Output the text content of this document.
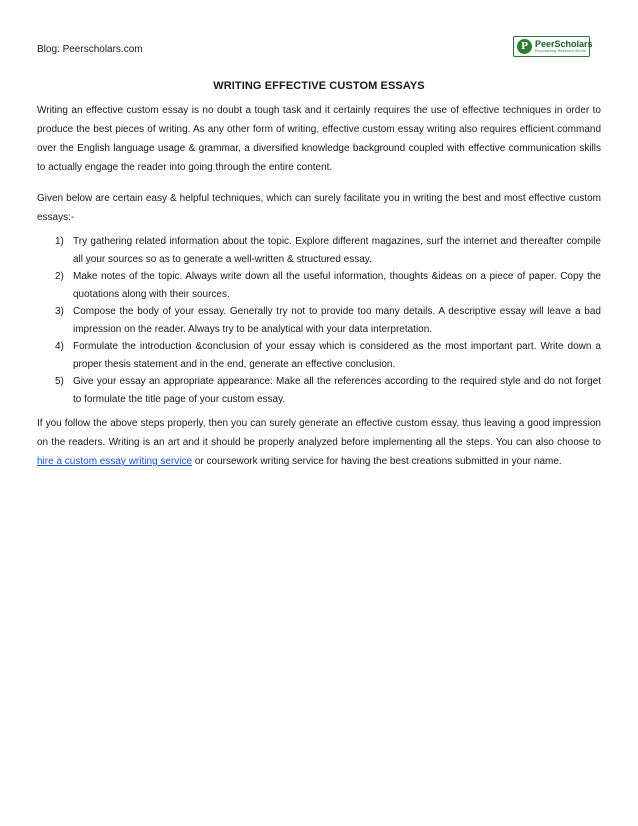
Blog: Peerscholars.com	P PeerScholars
Empowering Research Minds
WRITING EFFECTIVE CUSTOM ESSAYS

Writing an effective custom essay is no doubt a tough task and it certainly requires the use of effective techniques in order to produce the best pieces of writing. As any other form of writing, effective custom essay writing also requires efficient command over the English language usage & grammar, a diversified knowledge background coupled with effective communication skills to actually engage the reader into going through the entire content.

Given below are certain easy & helpful techniques, which can surely facilitate you in writing the best and most effective custom essays:-

1) Try gathering related information about the topic. Explore different magazines, surf the internet and thereafter compile all your sources so as to generate a well-written & structured essay.
2) Make notes of the topic. Always write down all the useful information, thoughts &ideas on a piece of paper. Copy the quotations along with their sources.
3) Compose the body of your essay. Generally try not to provide too many details. A descriptive essay will leave a bad impression on the reader. Always try to be analytical with your data interpretation.
4) Formulate the introduction &conclusion of your essay which is considered as the most important part. Write down a proper thesis statement and in the end, generate an effective conclusion.
5) Give your essay an appropriate appearance: Make all the references according to the required style and do not forget to formulate the title page of your custom essay.

If you follow the above steps properly, then you can surely generate an effective custom essay, thus leaving a good impression on the readers. Writing is an art and it should be properly analyzed before implementing all the steps. You can also choose to hire a custom essay writing service or coursework writing service for having the best creations submitted in your name.
